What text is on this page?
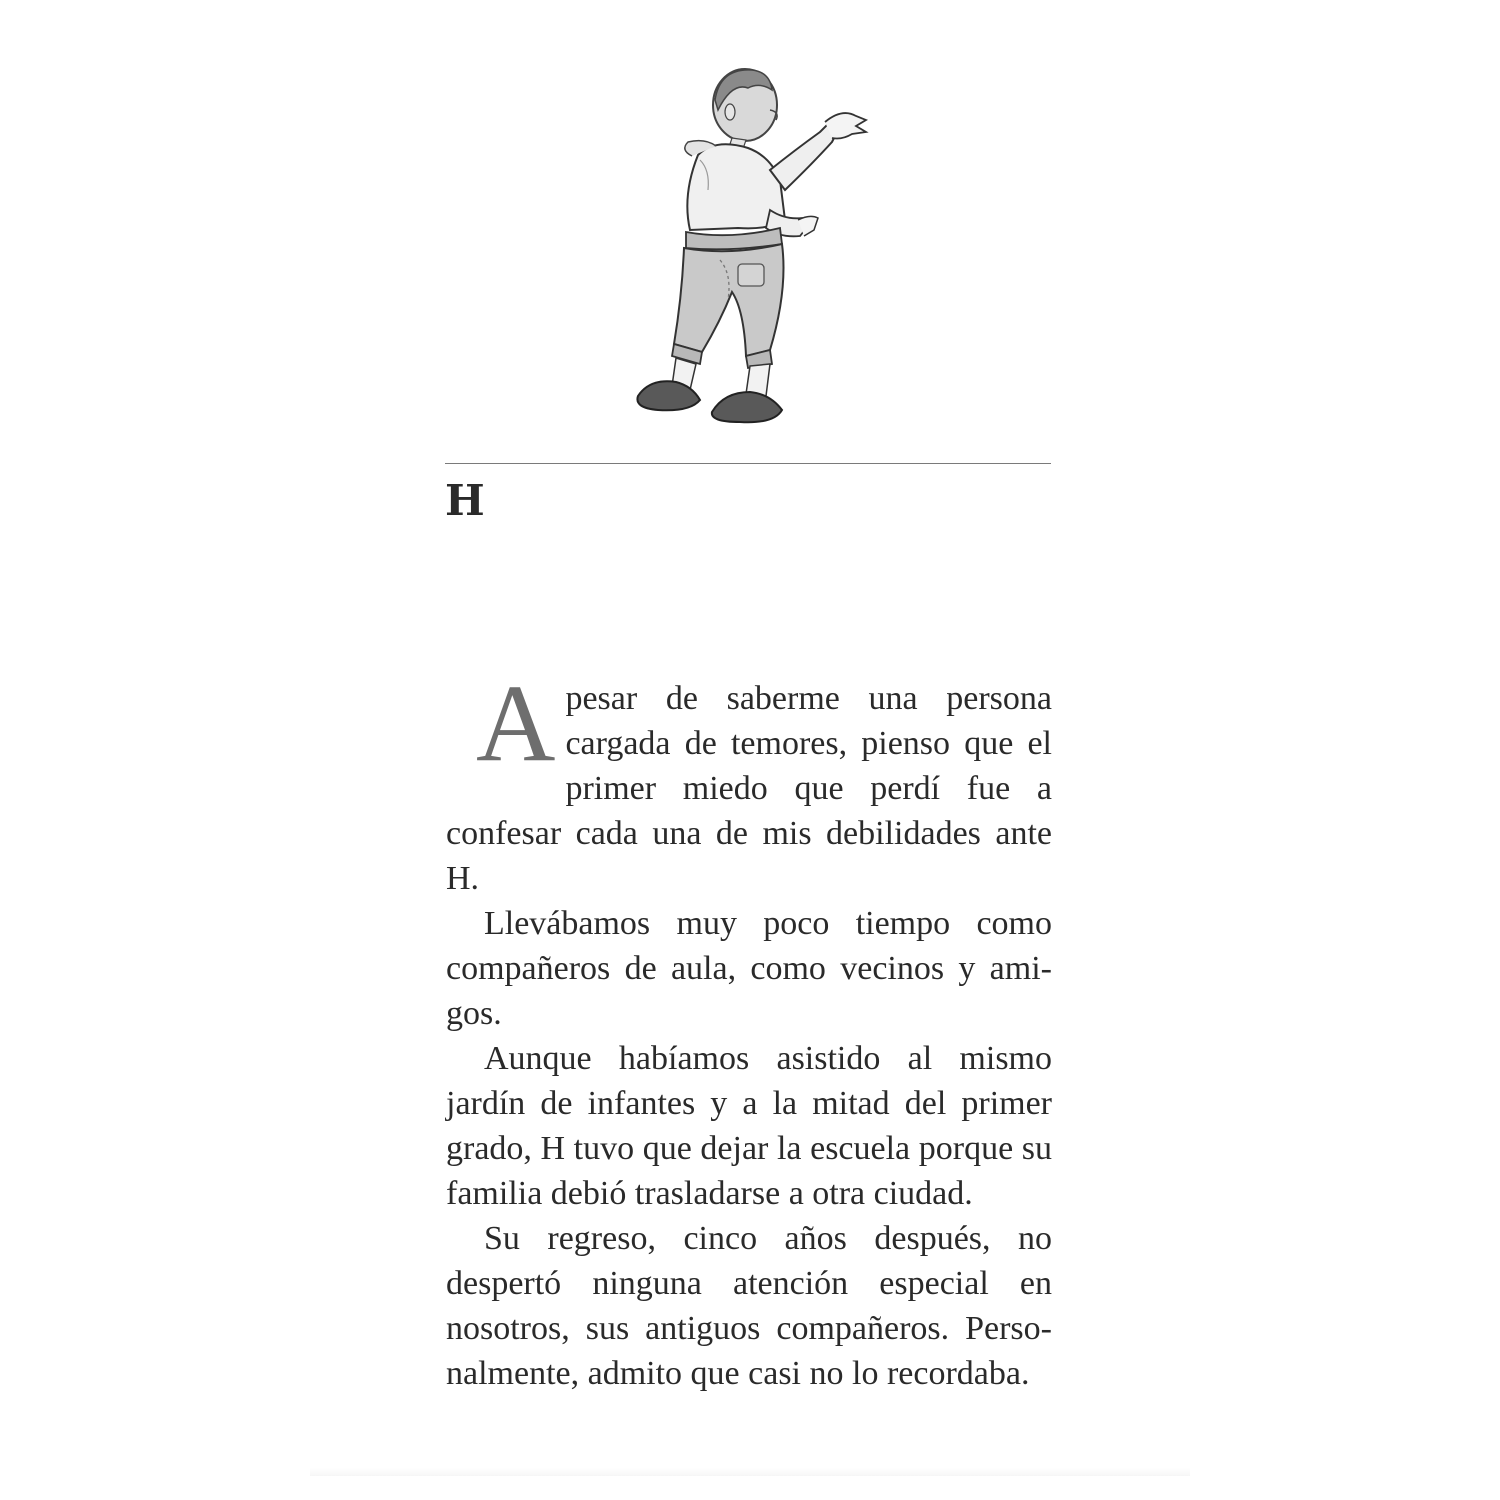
H

A pesar de saberme una persona cargada de temores, pienso que el primer miedo que perdí fue a confesar cada una de mis debilidades ante H.

Llevábamos muy poco tiempo como compañeros de aula, como vecinos y amigos.

Aunque habíamos asistido al mismo jardín de infantes y a la mitad del primer grado, H tuvo que dejar la escuela porque su familia debió trasladarse a otra ciudad.

Su regreso, cinco años después, no despertó ninguna atención especial en nosotros, sus antiguos compañeros. Personalmente, admito que casi no lo recordaba.
